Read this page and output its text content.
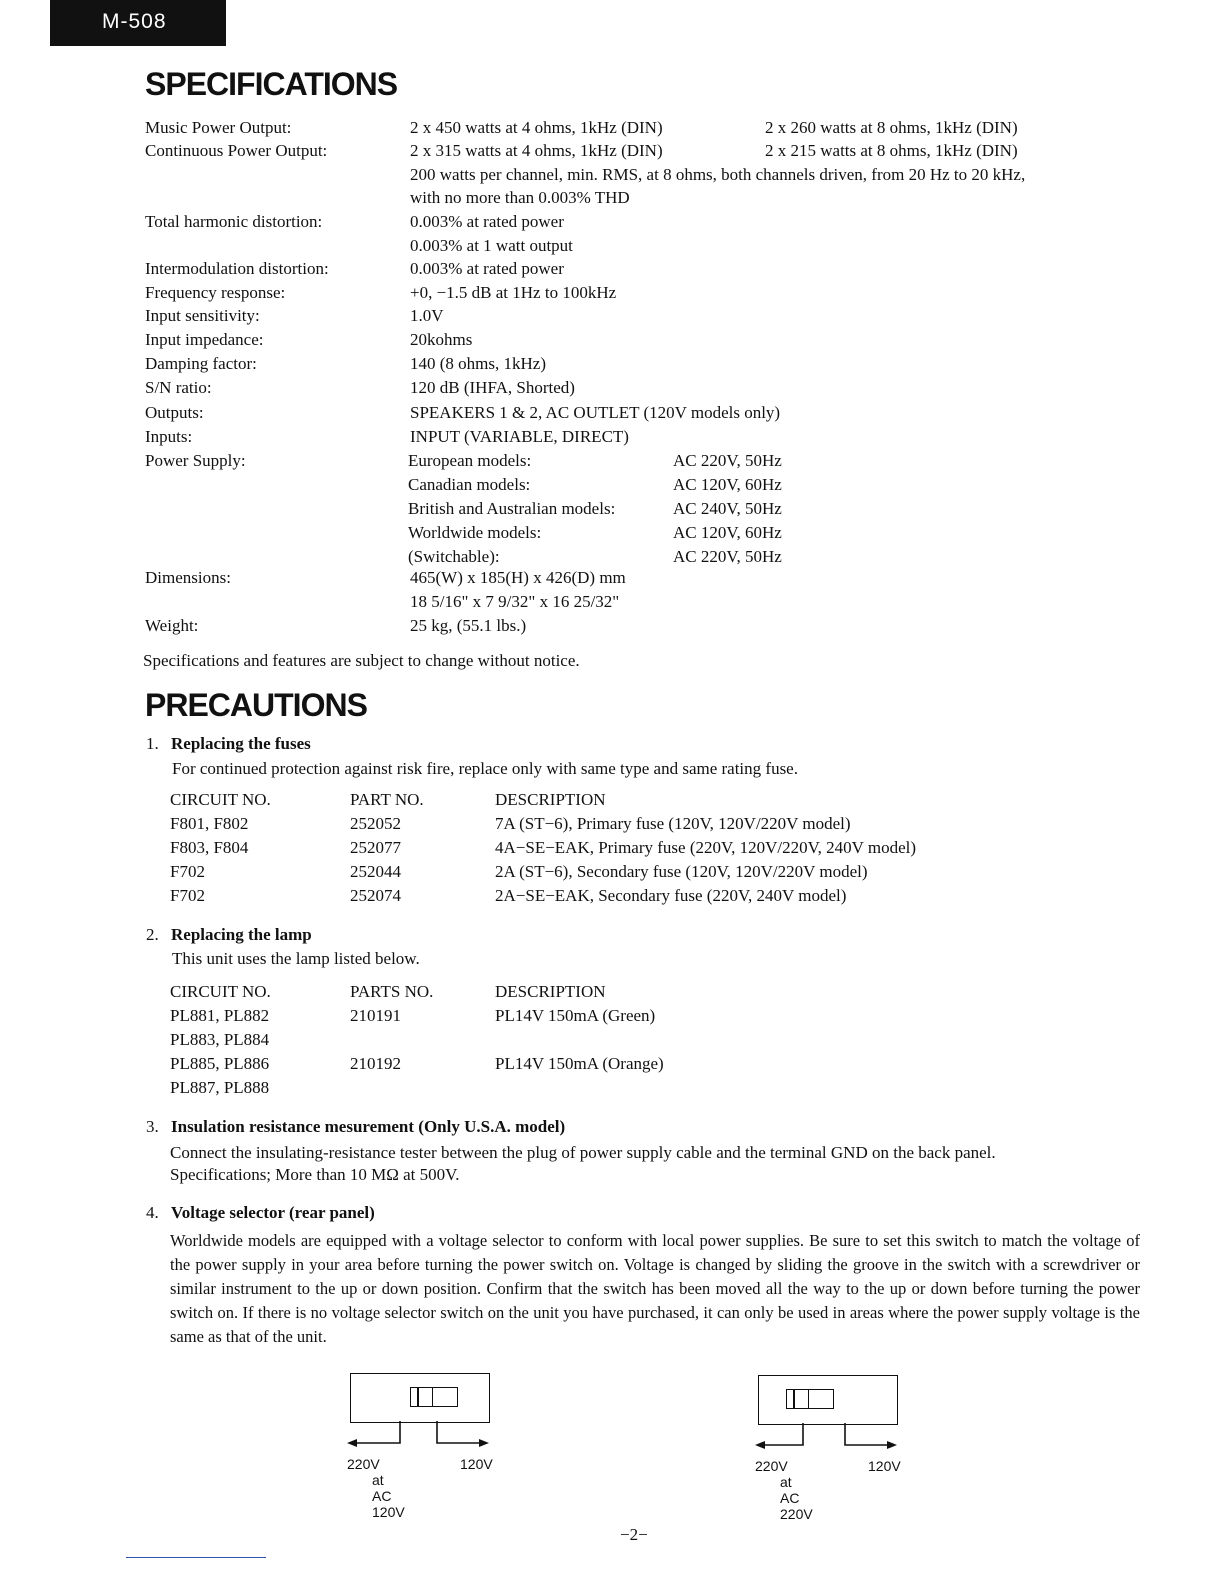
M-508
SPECIFICATIONS
Music Power Output:	2 x 450 watts at 4 ohms, 1kHz (DIN)	2 x 260 watts at 8 ohms, 1kHz (DIN)
Continuous Power Output:	2 x 315 watts at 4 ohms, 1kHz (DIN)	2 x 215 watts at 8 ohms, 1kHz (DIN)
200 watts per channel, min. RMS, at 8 ohms, both channels driven, from 20 Hz to 20 kHz,
with no more than 0.003% THD
Total harmonic distortion:	0.003% at rated power
0.003% at 1 watt output
Intermodulation distortion:	0.003% at rated power
Frequency response:	+0, −1.5 dB at 1Hz to 100kHz
Input sensitivity:	1.0V
Input impedance:	20kohms
Damping factor:	140 (8 ohms, 1kHz)
S/N ratio:	120 dB (IHFA, Shorted)
Outputs:	SPEAKERS 1 & 2, AC OUTLET (120V models only)
Inputs:	INPUT (VARIABLE, DIRECT)
Power Supply:	European models:	AC 220V, 50Hz
Canadian models:	AC 120V, 60Hz
British and Australian models:	AC 240V, 50Hz
Worldwide models:	AC 120V, 60Hz
(Switchable):	AC 220V, 50Hz
Dimensions:	465(W) x 185(H) x 426(D) mm
18 5/16" x 7 9/32" x 16 25/32"
Weight:	25 kg, (55.1 lbs.)
Specifications and features are subject to change without notice.
PRECAUTIONS
1. Replacing the fuses
For continued protection against risk fire, replace only with same type and same rating fuse.
CIRCUIT NO.	PART NO.	DESCRIPTION
F801, F802	252052	7A (ST−6), Primary fuse (120V, 120V/220V model)
F803, F804	252077	4A−SE−EAK, Primary fuse (220V, 120V/220V, 240V model)
F702	252044	2A (ST−6), Secondary fuse (120V, 120V/220V model)
F702	252074	2A−SE−EAK, Secondary fuse (220V, 240V model)
2. Replacing the lamp
This unit uses the lamp listed below.
CIRCUIT NO.	PARTS NO.	DESCRIPTION
PL881, PL882	210191	PL14V 150mA (Green)
PL883, PL884
PL885, PL886	210192	PL14V 150mA (Orange)
PL887, PL888
3. Insulation resistance mesurement (Only U.S.A. model)
Connect the insulating-resistance tester between the plug of power supply cable and the terminal GND on the back panel.
Specifications; More than 10 MΩ at 500V.
4. Voltage selector (rear panel)
Worldwide models are equipped with a voltage selector to conform with local power supplies. Be sure to set this switch to match the voltage of the power supply in your area before turning the power switch on. Voltage is changed by sliding the groove in the switch with a screwdriver or similar instrument to the up or down position. Confirm that the switch has been moved all the way to the up or down before turning the power switch on. If there is no voltage selector switch on the unit you have purchased, it can only be used in areas where the power supply voltage is the same as that of the unit.
220V	120V
at AC 120V
220V	120V
at AC 220V
−2−
